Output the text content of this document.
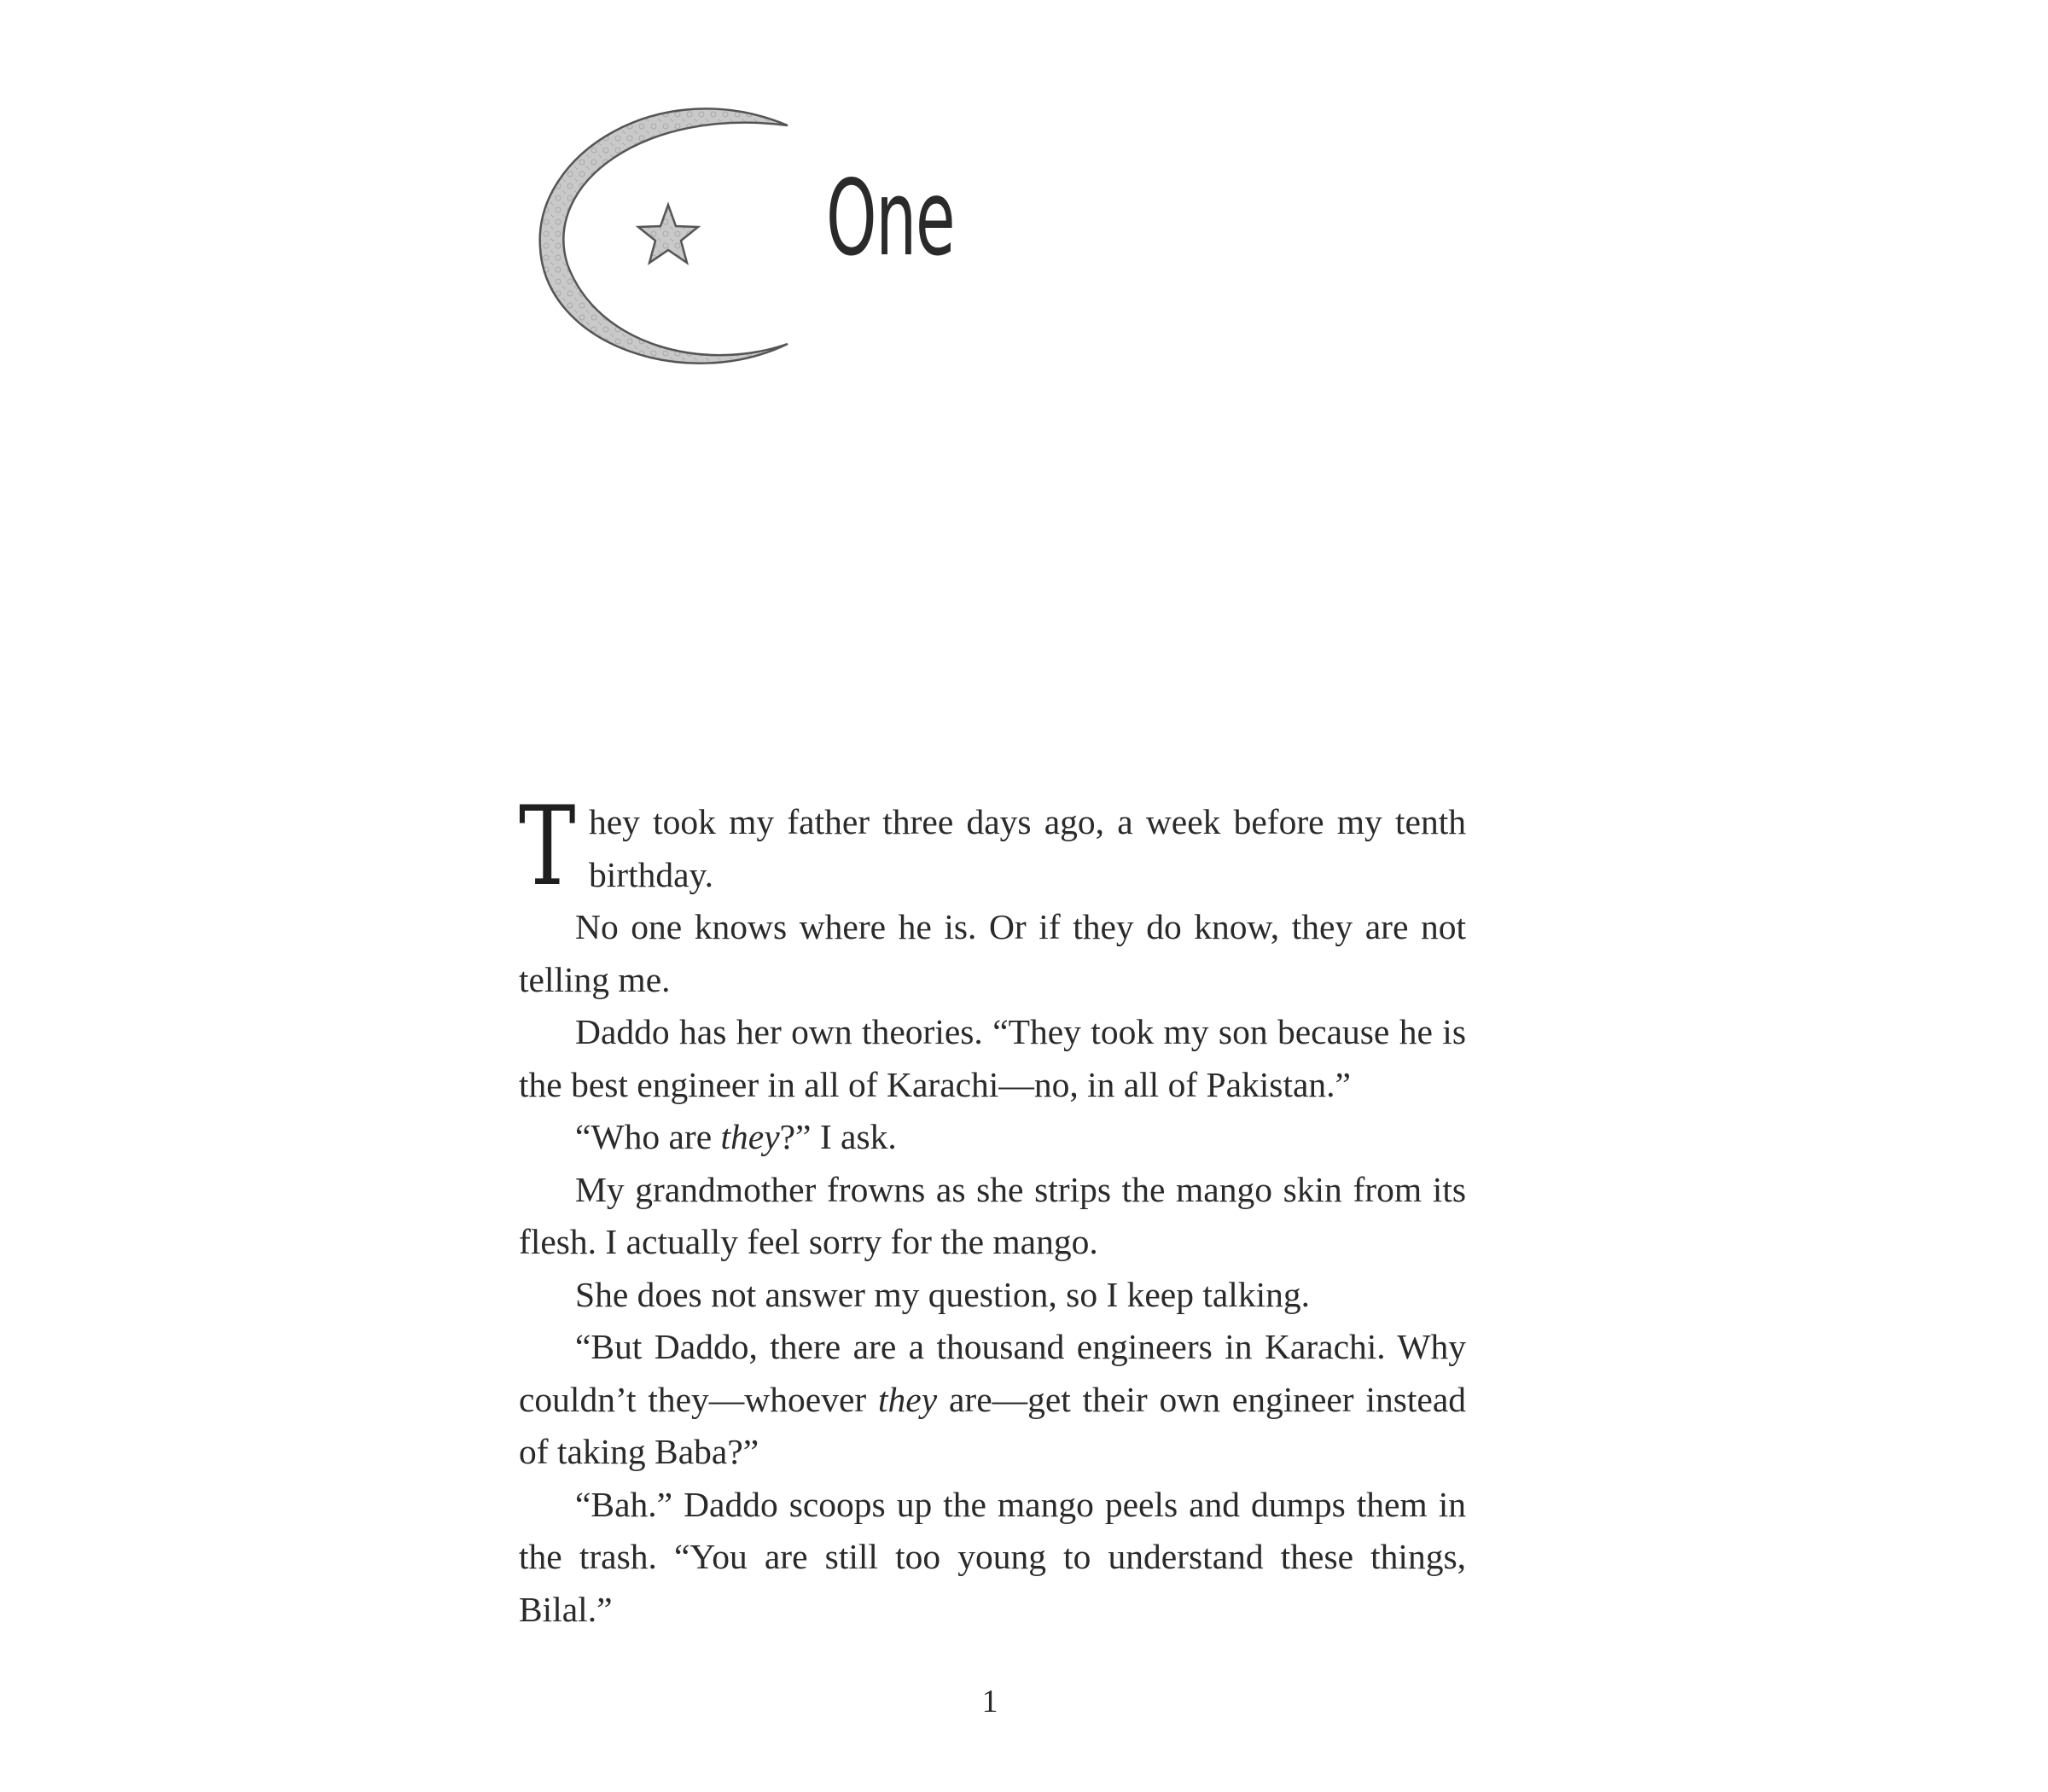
One

They took my father three days ago, a week before my tenth birthday.

No one knows where he is. Or if they do know, they are not telling me.

Daddo has her own theories. “They took my son because he is the best engineer in all of Karachi—no, in all of Pakistan.”

“Who are they?” I ask.

My grandmother frowns as she strips the mango skin from its flesh. I actually feel sorry for the mango.

She does not answer my question, so I keep talking.

“But Daddo, there are a thousand engineers in Karachi. Why couldn’t they—whoever they are—get their own engineer instead of taking Baba?”

“Bah.” Daddo scoops up the mango peels and dumps them in the trash. “You are still too young to understand these things, Bilal.”

1
